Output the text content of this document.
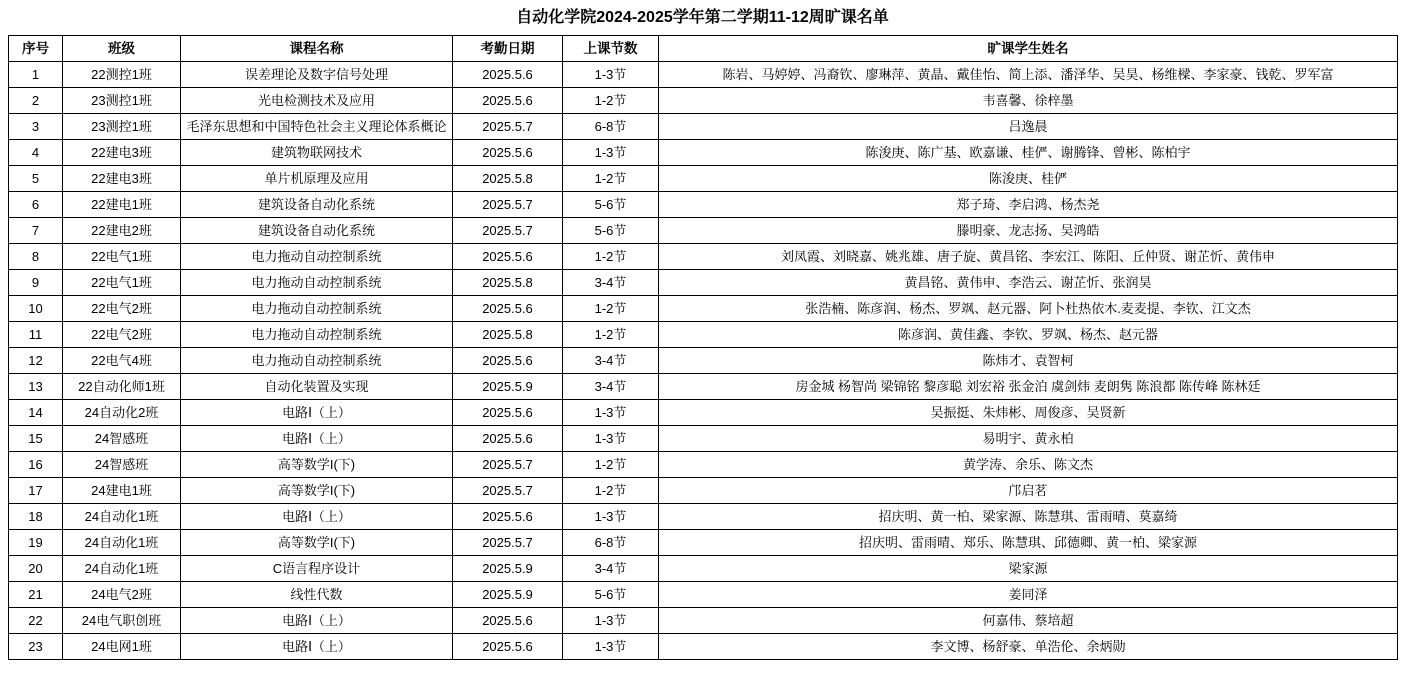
自动化学院2024-2025学年第二学期11-12周旷课名单
序号	班级	课程名称	考勤日期	上课节数	旷课学生姓名
1	22测控1班	误差理论及数字信号处理	2025.5.6	1-3节	陈岩、马婷婷、冯裔钦、廖琳萍、黄晶、戴佳怡、简上添、潘泽华、吴昊、杨维樑、李家豪、钱乾、罗军富
2	23测控1班	光电检测技术及应用	2025.5.6	1-2节	韦喜馨、徐梓墨
3	23测控1班	毛泽东思想和中国特色社会主义理论体系概论	2025.5.7	6-8节	吕逸晨
4	22建电3班	建筑物联网技术	2025.5.6	1-3节	陈浚庚、陈广基、欧嘉谦、桂俨、谢腾锋、曾彬、陈柏宇
5	22建电3班	单片机原理及应用	2025.5.8	1-2节	陈浚庚、桂俨
6	22建电1班	建筑设备自动化系统	2025.5.7	5-6节	郑子琦、李启鸿、杨杰尧
7	22建电2班	建筑设备自动化系统	2025.5.7	5-6节	滕明豪、龙志扬、吴鸿皓
8	22电气1班	电力拖动自动控制系统	2025.5.6	1-2节	刘凤霞、刘晓嘉、姚兆雄、唐子旋、黄昌铭、李宏江、陈阳、丘仲贤、谢芷忻、黄伟申
9	22电气1班	电力拖动自动控制系统	2025.5.8	3-4节	黄昌铭、黄伟申、李浩云、谢芷忻、张润昊
10	22电气2班	电力拖动自动控制系统	2025.5.6	1-2节	张浩楠、陈彦润、杨杰、罗飒、赵元器、阿卜杜热依木.麦麦提、李钦、江文杰
11	22电气2班	电力拖动自动控制系统	2025.5.8	1-2节	陈彦润、黄佳鑫、李钦、罗飒、杨杰、赵元器
12	22电气4班	电力拖动自动控制系统	2025.5.6	3-4节	陈炜才、袁智柯
13	22自动化师1班	自动化装置及实现	2025.5.9	3-4节	房金城 杨智尚 梁锦铭 黎彦聪 刘宏裕 张金泊 虞剑炜 麦朗隽 陈浪都 陈传峰 陈林廷
14	24自动化2班	电路Ⅰ（上）	2025.5.6	1-3节	吴振挺、朱炜彬、周俊彦、吴贤新
15	24智感班	电路Ⅰ（上）	2025.5.6	1-3节	易明宇、黄永柏
16	24智感班	高等数学I(下)	2025.5.7	1-2节	黄学涛、余乐、陈文杰
17	24建电1班	高等数学I(下)	2025.5.7	1-2节	邝启茗
18	24自动化1班	电路Ⅰ（上）	2025.5.6	1-3节	招庆明、黄一柏、梁家源、陈慧琪、雷雨晴、莫嘉绮
19	24自动化1班	高等数学I(下)	2025.5.7	6-8节	招庆明、雷雨晴、郑乐、陈慧琪、邱德卿、黄一柏、梁家源
20	24自动化1班	C语言程序设计	2025.5.9	3-4节	梁家源
21	24电气2班	线性代数	2025.5.9	5-6节	姜同泽
22	24电气职创班	电路Ⅰ（上）	2025.5.6	1-3节	何嘉伟、蔡培超
23	24电网1班	电路Ⅰ（上）	2025.5.6	1-3节	李文博、杨舒豪、单浩伦、余炳勋
